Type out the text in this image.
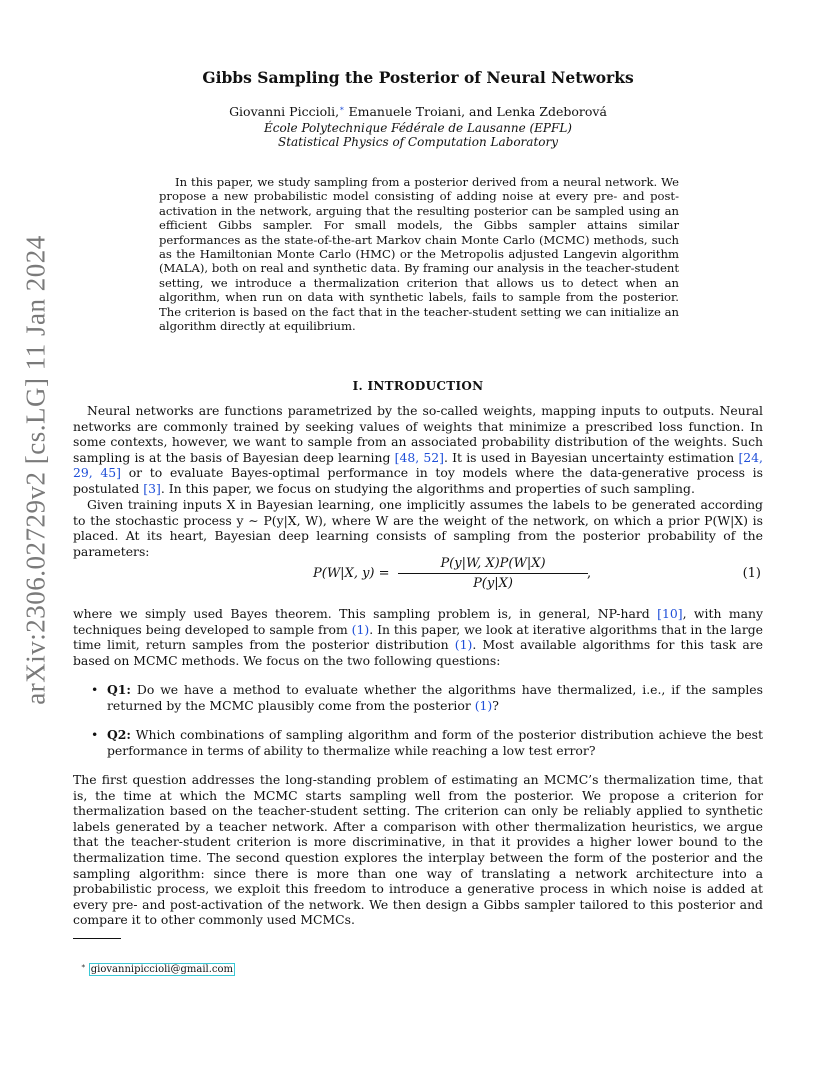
arXiv:2306.02729v2 [cs.LG] 11 Jan 2024
Gibbs Sampling the Posterior of Neural Networks
Giovanni Piccioli,∗ Emanuele Troiani, and Lenka Zdeborová
École Polytechnique Fédérale de Lausanne (EPFL)
Statistical Physics of Computation Laboratory

In this paper, we study sampling from a posterior derived from a neural network. We propose a new probabilistic model consisting of adding noise at every pre- and post-activation in the network, arguing that the resulting posterior can be sampled using an efficient Gibbs sampler. For small models, the Gibbs sampler attains similar performances as the state-of-the-art Markov chain Monte Carlo (MCMC) methods, such as the Hamiltonian Monte Carlo (HMC) or the Metropolis adjusted Langevin algorithm (MALA), both on real and synthetic data. By framing our analysis in the teacher-student setting, we introduce a thermalization criterion that allows us to detect when an algorithm, when run on data with synthetic labels, fails to sample from the posterior. The criterion is based on the fact that in the teacher-student setting we can initialize an algorithm directly at equilibrium.

I. INTRODUCTION

Neural networks are functions parametrized by the so-called weights, mapping inputs to outputs. Neural networks are commonly trained by seeking values of weights that minimize a prescribed loss function. In some contexts, however, we want to sample from an associated probability distribution of the weights. Such sampling is at the basis of Bayesian deep learning [48, 52]. It is used in Bayesian uncertainty estimation [24, 29, 45] or to evaluate Bayes-optimal performance in toy models where the data-generative process is postulated [3]. In this paper, we focus on studying the algorithms and properties of such sampling.

Given training inputs X in Bayesian learning, one implicitly assumes the labels to be generated according to the stochastic process y ∼ P(y|X, W), where W are the weight of the network, on which a prior P(W|X) is placed. At its heart, Bayesian deep learning consists of sampling from the posterior probability of the parameters:

P(W|X, $y) = \frac{P(y|W, X)P(W|X)}{P(y|X)}$ ,	(1)

where we simply used Bayes theorem. This sampling problem is, in general, NP-hard [10], with many techniques being developed to sample from (1). In this paper, we look at iterative algorithms that in the large time limit, return samples from the posterior distribution (1). Most available algorithms for this task are based on MCMC methods. We focus on the two following questions:

• Q1: Do we have a method to evaluate whether the algorithms have thermalized, i.e., if the samples returned by the MCMC plausibly come from the posterior (1)?

• Q2: Which combinations of sampling algorithm and form of the posterior distribution achieve the best performance in terms of ability to thermalize while reaching a low test error?

The first question addresses the long-standing problem of estimating an MCMC’s thermalization time, that is, the time at which the MCMC starts sampling well from the posterior. We propose a criterion for thermalization based on the teacher-student setting. The criterion can only be reliably applied to synthetic labels generated by a teacher network. After a comparison with other thermalization heuristics, we argue that the teacher-student criterion is more discriminative, in that it provides a higher lower bound to the thermalization time. The second question explores the interplay between the form of the posterior and the sampling algorithm: since there is more than one way of translating a network architecture into a probabilistic process, we exploit this freedom to introduce a generative process in which noise is added at every pre- and post-activation of the network. We then design a Gibbs sampler tailored to this posterior and compare it to other commonly used MCMCs.

∗ giovannipiccioli@gmail.com
